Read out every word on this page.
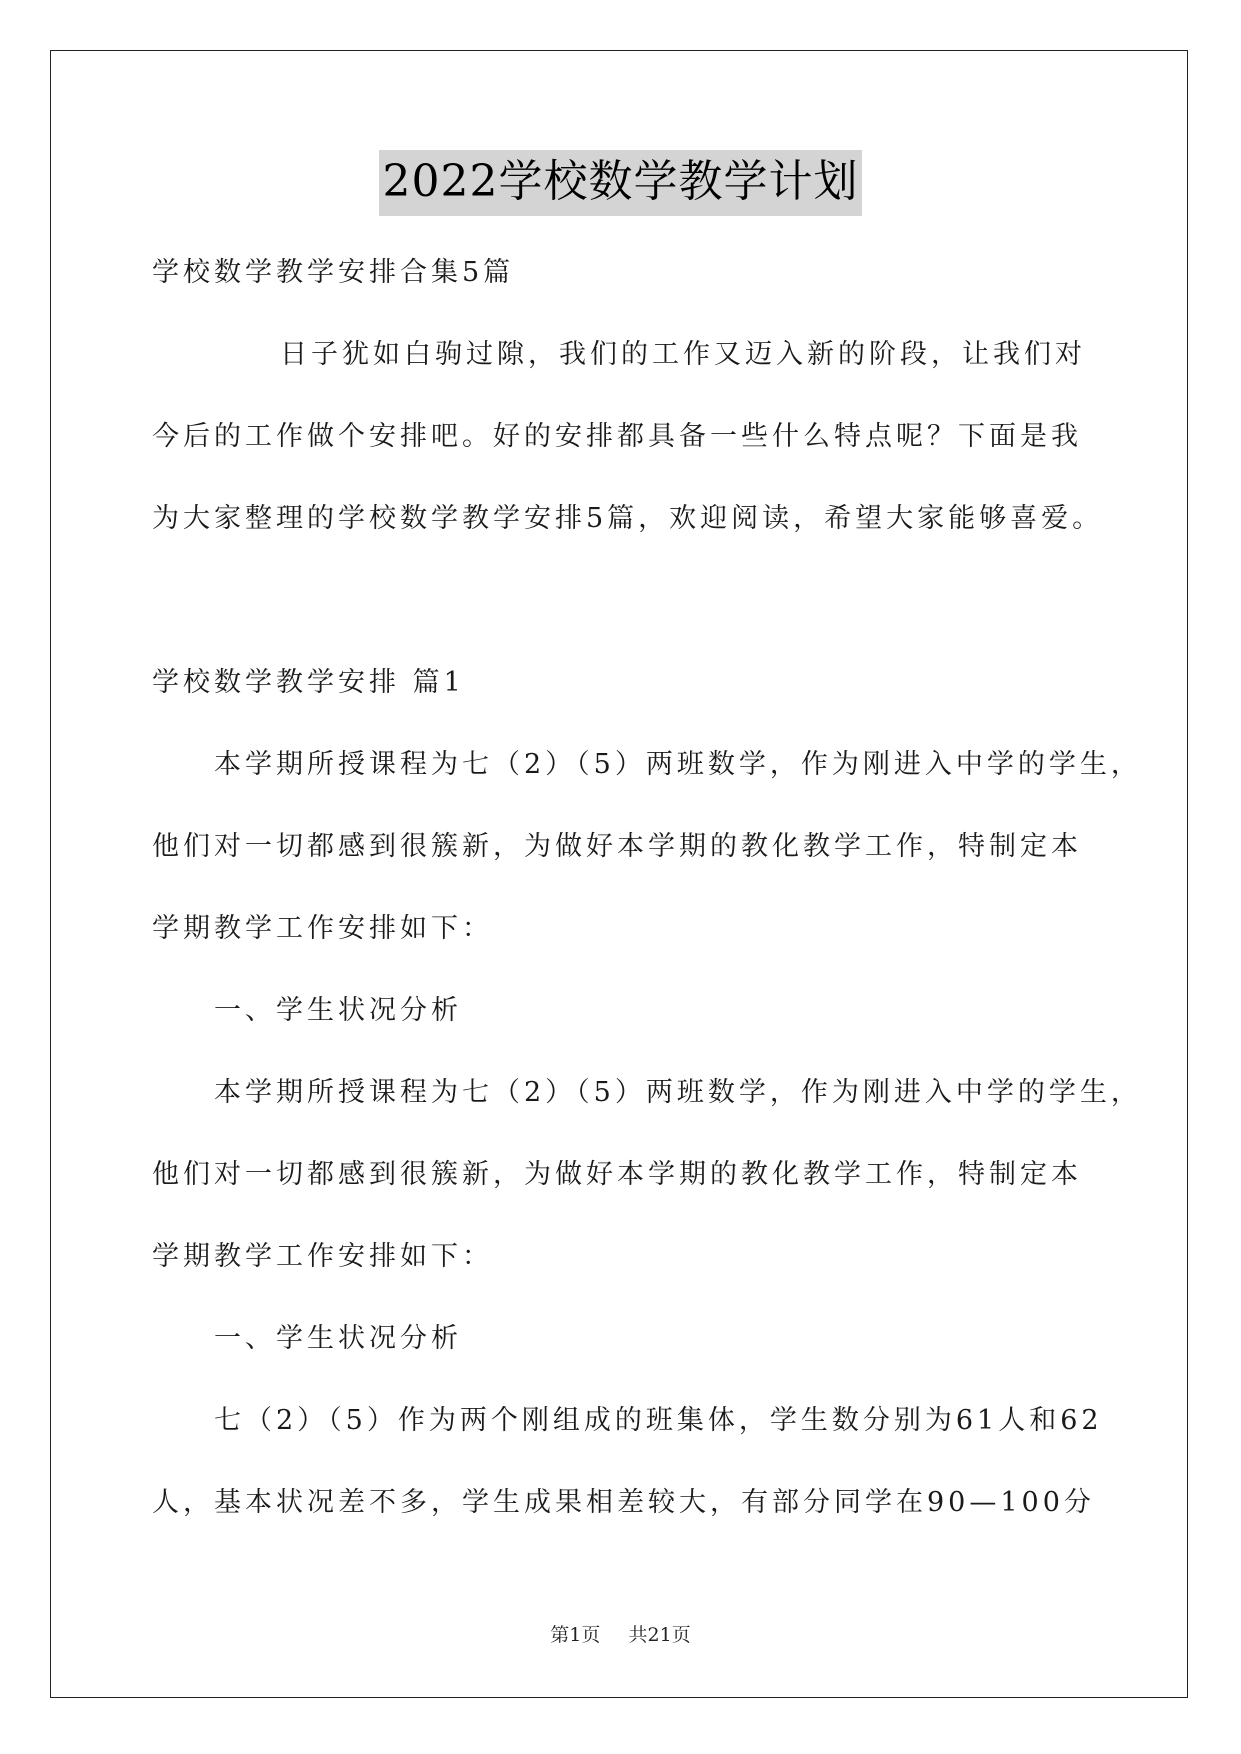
2022学校数学教学计划

学校数学教学安排合集5篇

日子犹如白驹过隙，我们的工作又迈入新的阶段，让我们对

今后的工作做个安排吧。好的安排都具备一些什么特点呢？下面是我

为大家整理的学校数学教学安排5篇，欢迎阅读，希望大家能够喜爱。

学校数学教学安排 篇1

本学期所授课程为七（2）（5）两班数学，作为刚进入中学的学生，

他们对一切都感到很簇新，为做好本学期的教化教学工作，特制定本

学期教学工作安排如下：

一、学生状况分析

本学期所授课程为七（2）（5）两班数学，作为刚进入中学的学生，

他们对一切都感到很簇新，为做好本学期的教化教学工作，特制定本

学期教学工作安排如下：

一、学生状况分析

七（2）（5）作为两个刚组成的班集体，学生数分别为61人和62

人，基本状况差不多，学生成果相差较大，有部分同学在90—100分

第1页 共21页
